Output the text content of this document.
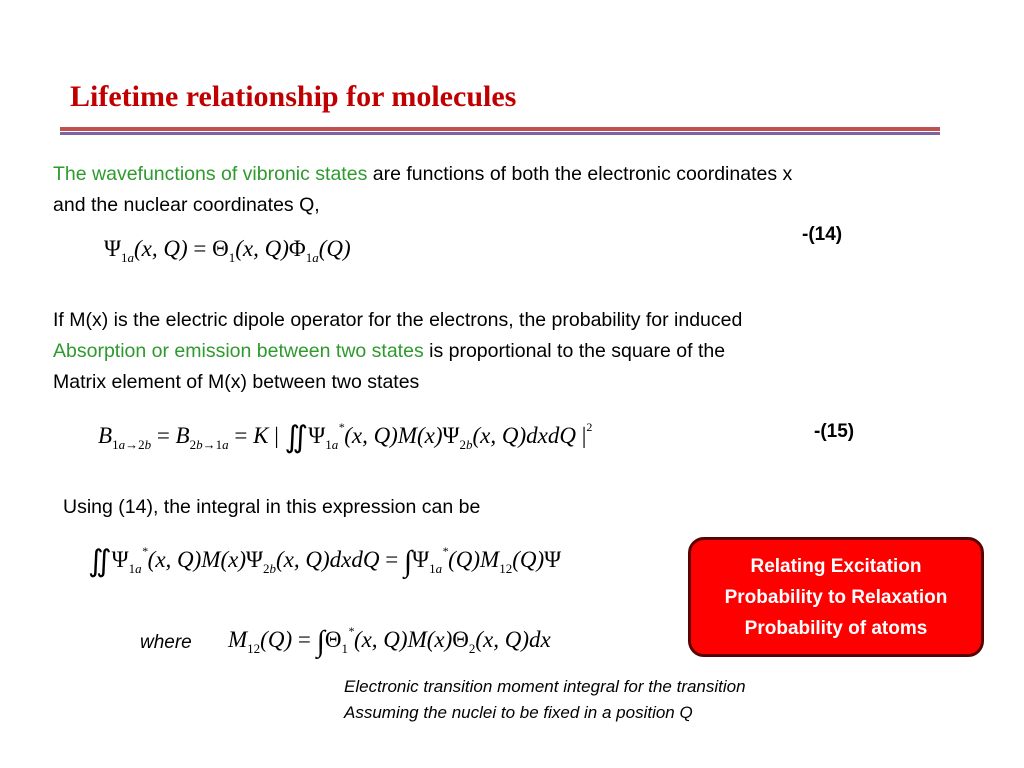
Lifetime relationship for molecules
The wavefunctions of vibronic states are functions of both the electronic coordinates x
and the nuclear coordinates Q,
$\Psi_{1a}(x$, $Q) = \Theta_1(x$, $Q)\Phi_{1a}(Q)$
-(14)
If M(x) is the electric dipole operator for the electrons, the probability for induced
Absorption or emission between two states is proportional to the square of the
Matrix element of M(x) between two states
$B_{1a\to 2b} = B_{2b\to 1a} = K$ | $∬\Psi_{1a}^*(x$, $Q)M(x)\Psi_{2b}(x$, Q)dxdQ $|^2$	-(15)
Using (14), the integral in this expression can be
$∬\Psi_{1a}^*(x$, $Q)M(x)\Psi_{2b}(x$, Q)dxdQ = $\int\Psi_{1a}^*(Q)M_{12}(Q)\Psi$
where $M_{12}(Q) = \int\Theta_1^*(x$, $Q)M(x)\Theta_2(x$, Q)dx
Relating Excitation
Probability to Relaxation
Probability of atoms
Electronic transition moment integral for the transition
Assuming the nuclei to be fixed in a position Q
